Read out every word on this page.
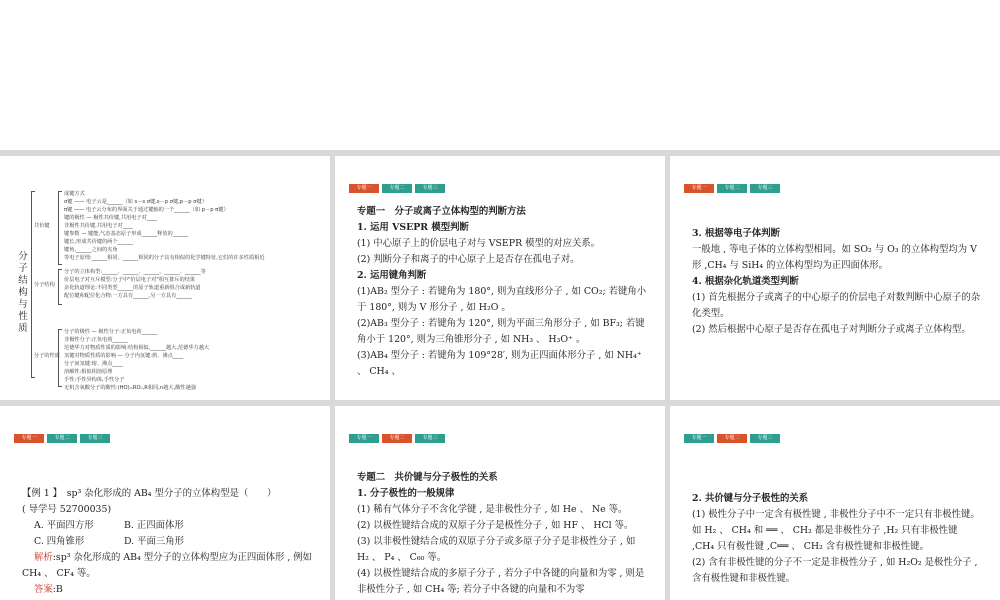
分
子
结
构
与
性
质
共价键
成键方式
σ键 —— 电子云是______（如 s－s σ键,s－p σ键,p－p σ键）
π键 —— 电子云分布的界面关于通过键轴的一个______（如 p－p π键）
键的极性 — 极性共价键,共用电子对____
非极性共价键,共用电子对____
键参数 — 键能,气态基态原子形成______释放的______
键长,形成共价键的两个______
键角,______之间的夹角
等电子原理:______相同、______相同的分子具有相似的化学键特征,它们的许多性质相近
分子结构
分子的立体构型:______、______、______、______、______等
价层电子对互斥模型:分子中"价层电子对"相互排斥的结果
杂化轨道理论:不同类型______的原子轨道重新组合成新轨道
配位键和配位化合物:一方具有______,另一方具有______
分子的性质
分子的极性 — 极性分子:正负电荷______
非极性分子:正负电荷______
范德华力对物质性质的影响:结构相似,______越大,范德华力越大
氢键对物质性质的影响 — 分子内氢键:熔、沸点____
分子间氢键:熔、沸点____
溶解性:相似相溶原理
手性:手性异构体,手性分子
无机含氧酸分子的酸性:(HO)ₘROₙ,R相同,n越大,酸性越强
专题一	专题二	专题三

专题一　分子或离子立体构型的判断方法

1. 运用 VSEPR 模型判断

(1) 中心原子上的价层电子对与 VSEPR 模型的对应关系。

(2) 判断分子和离子的中心原子上是否存在孤电子对。

2. 运用键角判断

(1)AB₂ 型分子 : 若键角为 180°, 则为直线形分子 , 如 CO₂; 若键角小于 180°, 则为 V 形分子 , 如 H₂O 。

(2)AB₃ 型分子 : 若键角为 120°, 则为平面三角形分子 , 如 BF₃; 若键角小于 120°, 则为三角锥形分子 , 如 NH₃ 、 H₃O⁺ 。

(3)AB₄ 型分子 : 若键角为 109°28′, 则为正四面体形分子 , 如 NH₄⁺ 、 CH₄ 、

专题一	专题二	专题三

3. 根据等电子体判断

一般地 , 等电子体的立体构型相同。如 SO₂ 与 O₃ 的立体构型均为 V 形 ,CH₄ 与 SiH₄ 的立体构型均为正四面体形。

4. 根据杂化轨道类型判断

(1) 首先根据分子或离子的中心原子的价层电子对数判断中心原子的杂化类型。

(2) 然后根据中心原子是否存在孤电子对判断分子或离子立体构型。

专题一	专题二	专题三

【例 1 】　sp³ 杂化形成的 AB₄ 型分子的立体构型是（　　）

( 导学号 52700035)

A. 平面四方形	B. 正四面体形

C. 四角锥形	D. 平面三角形

解析:sp³ 杂化形成的 AB₄ 型分子的立体构型应为正四面体形 , 例如 CH₄ 、 CF₄ 等。

答案:B

专题一	专题二	专题三

专题二　共价键与分子极性的关系

1. 分子极性的一般规律

(1) 稀有气体分子不含化学键 , 是非极性分子 , 如 He 、 Ne 等。

(2) 以极性键结合成的双原子分子是极性分子 , 如 HF 、 HCl 等。

(3) 以非极性键结合成的双原子分子或多原子分子是非极性分子 , 如 H₂ 、 P₄ 、 C₆₀ 等。

(4) 以极性键结合成的多原子分子 , 若分子中各键的向量和为零 , 则是非极性分子 , 如 CH₄ 等; 若分子中各键的向量和不为零

专题一	专题二	专题三

2. 共价键与分子极性的关系

(1) 极性分子中一定含有极性键 , 非极性分子中不一定只有非极性键。如 H₂ 、 CH₄ 和 ══ 、 CH₂ 都是非极性分子 ,H₂ 只有非极性键 ,CH₄ 只有极性键 ,C══ 、 CH₂ 含有极性键和非极性键。

(2) 含有非极性键的分子不一定是非极性分子 , 如 H₂O₂ 是极性分子 , 含有极性键和非极性键。
